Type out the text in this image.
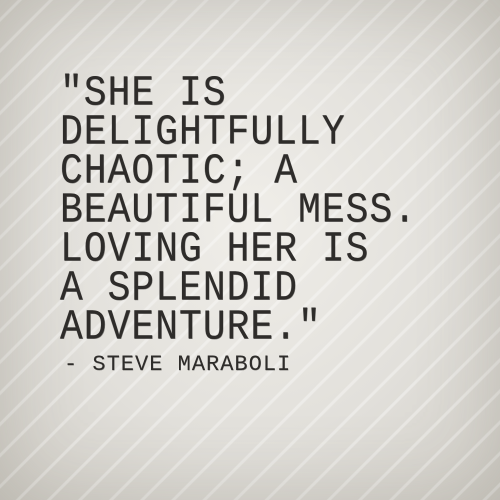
"SHE IS
DELIGHTFULLY
CHAOTIC; A
BEAUTIFUL MESS.
LOVING HER IS
A SPLENDID
ADVENTURE."
- STEVE MARABOLI
